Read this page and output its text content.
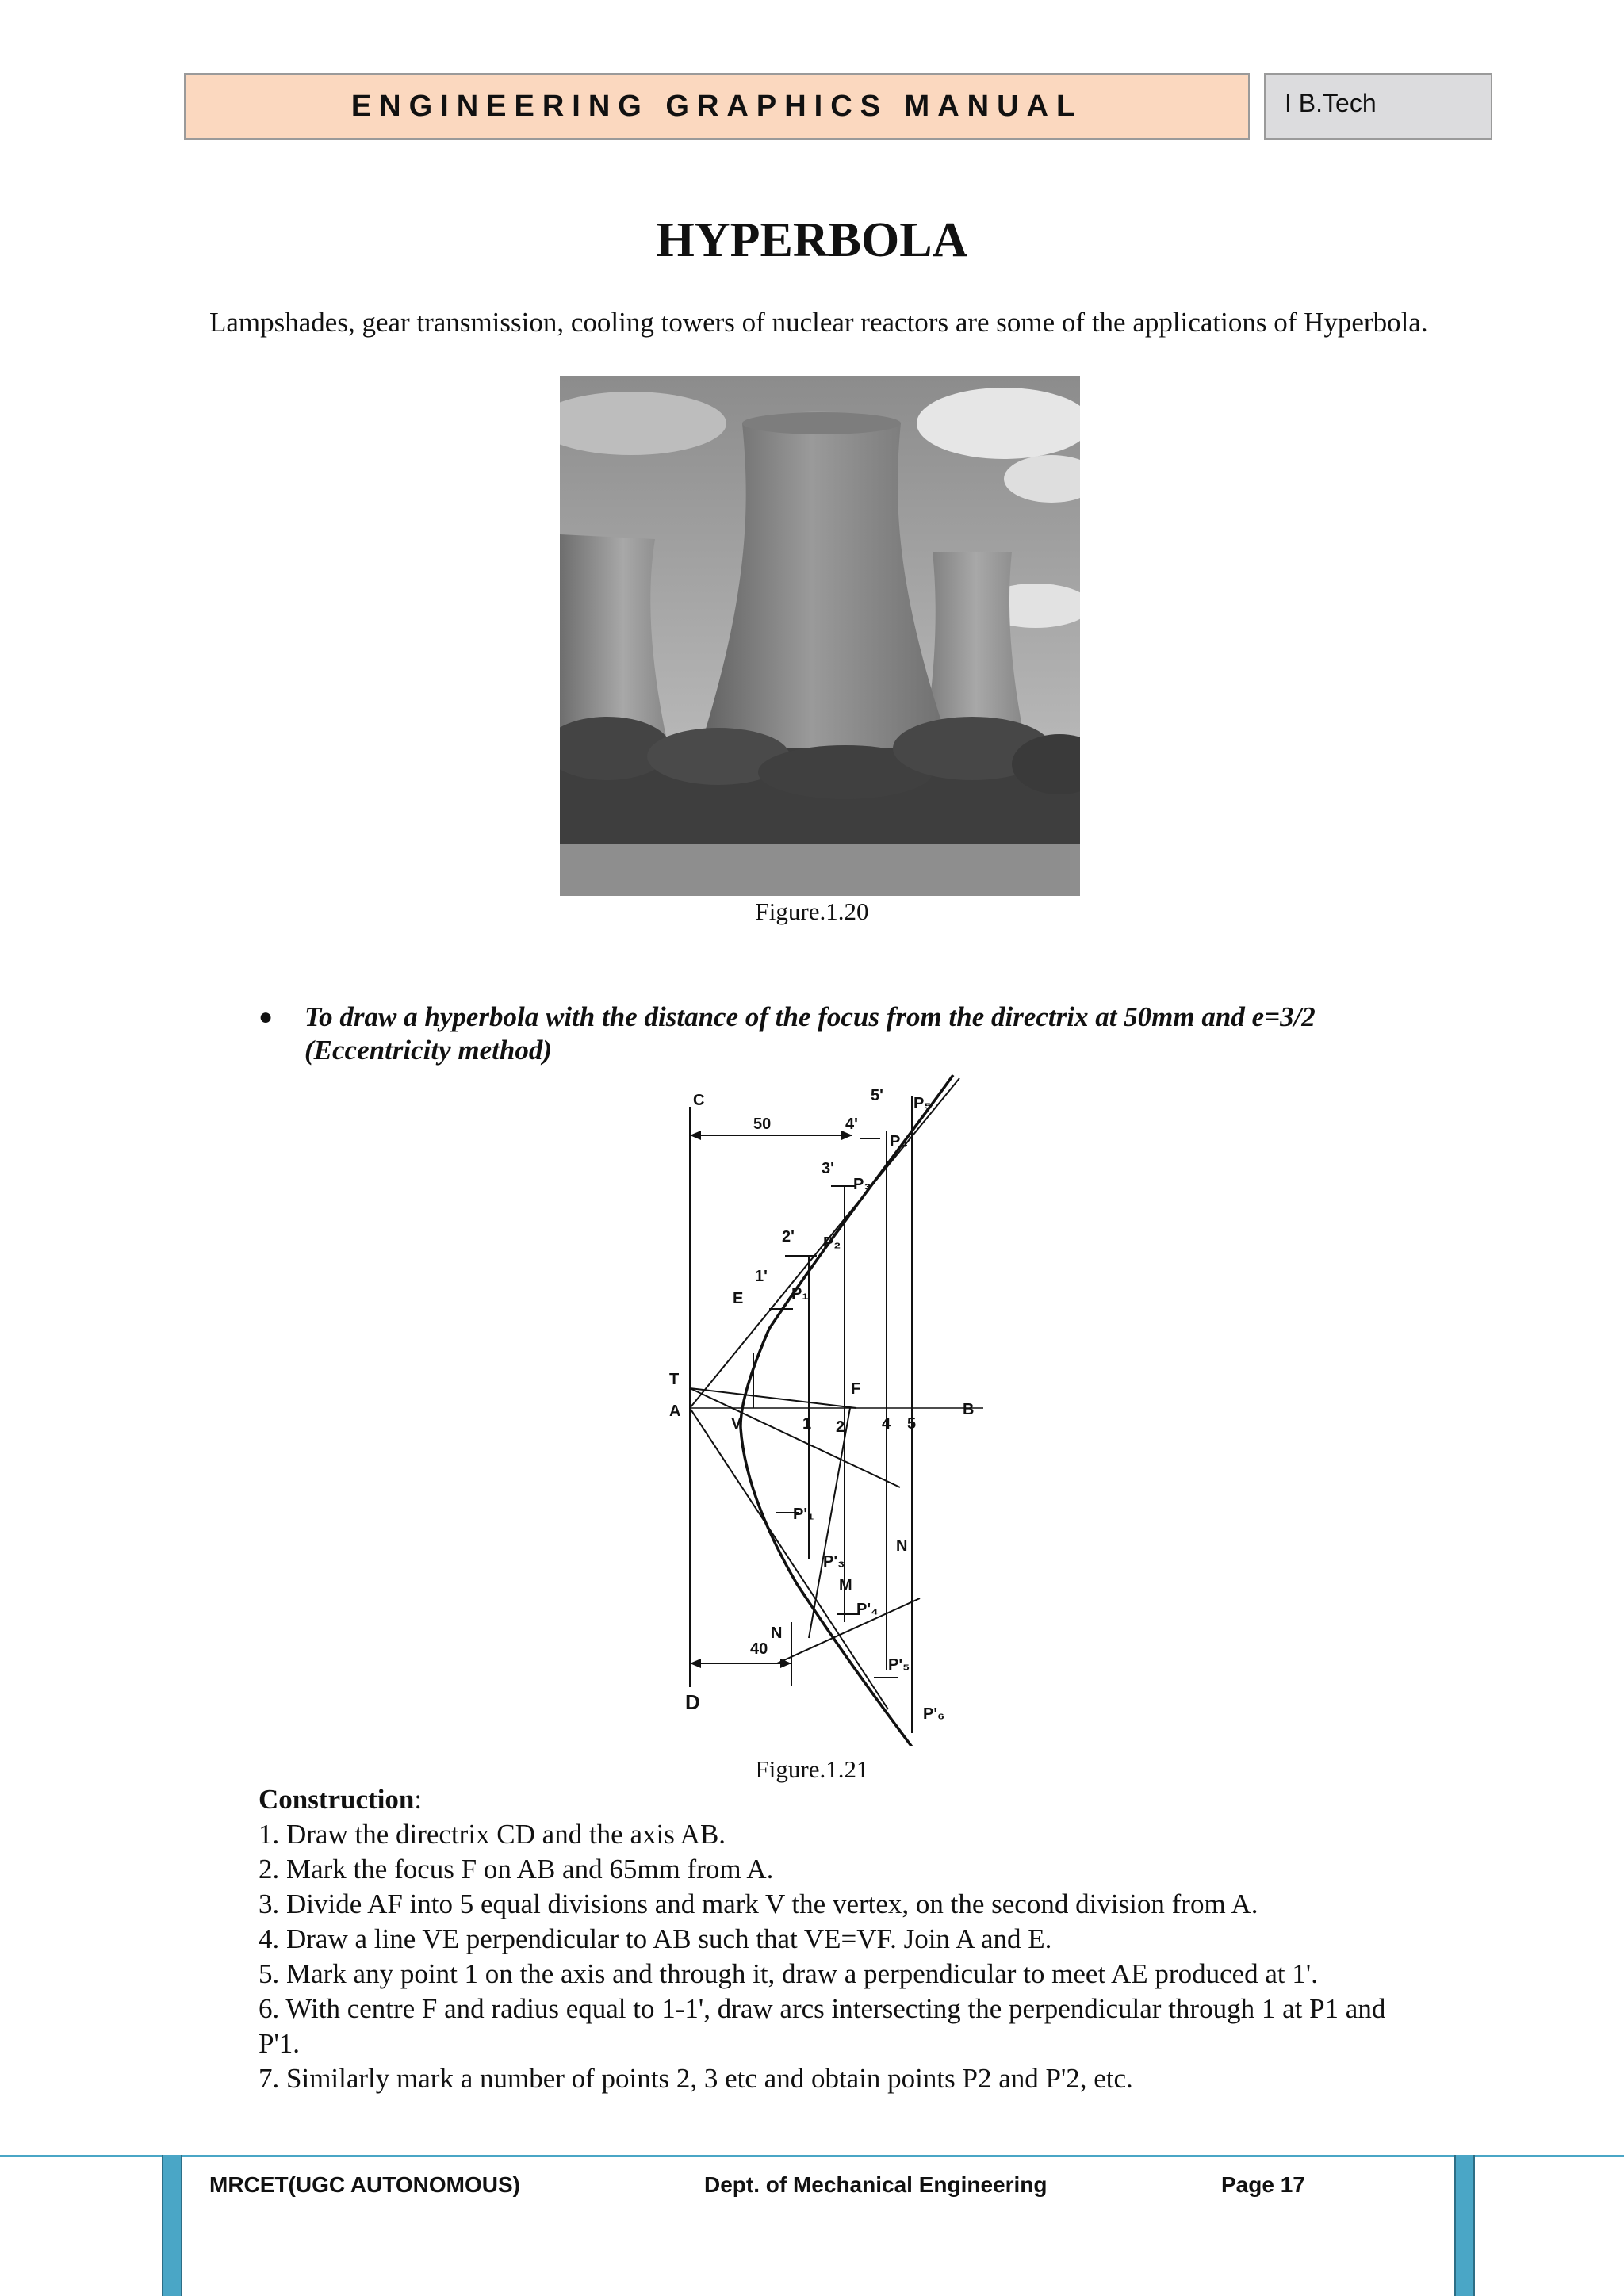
ENGINEERING GRAPHICS MANUAL	I B.Tech
HYPERBOLA
Lampshades, gear transmission, cooling towers of nuclear reactors are some of the applications of Hyperbola.
Figure.1.20
●	To draw a hyperbola with the distance of the focus from the directrix at 50mm and e=3/2 (Eccentricity method)
C
D
A	B
T
E
V
F
M
N
N
50
40
1 2 4 5
1'
2'
3'
4'
5'
P₁
P₂
P₃
P₄
P₅
P'₁
P'₃
P'₄
P'₅
P'₆
Figure.1.21
Construction:
1. Draw the directrix CD and the axis AB.
2. Mark the focus F on AB and 65mm from A.
3. Divide AF into 5 equal divisions and mark V the vertex, on the second division from A.
4. Draw a line VE perpendicular to AB such that VE=VF. Join A and E.
5. Mark any point 1 on the axis and through it, draw a perpendicular to meet AE produced at 1'.
6. With centre F and radius equal to 1-1', draw arcs intersecting the perpendicular through 1 at P1 and P'1.
7. Similarly mark a number of points 2, 3 etc and obtain points P2 and P'2, etc.
MRCET(UGC AUTONOMOUS)	Dept. of Mechanical Engineering	Page 17
